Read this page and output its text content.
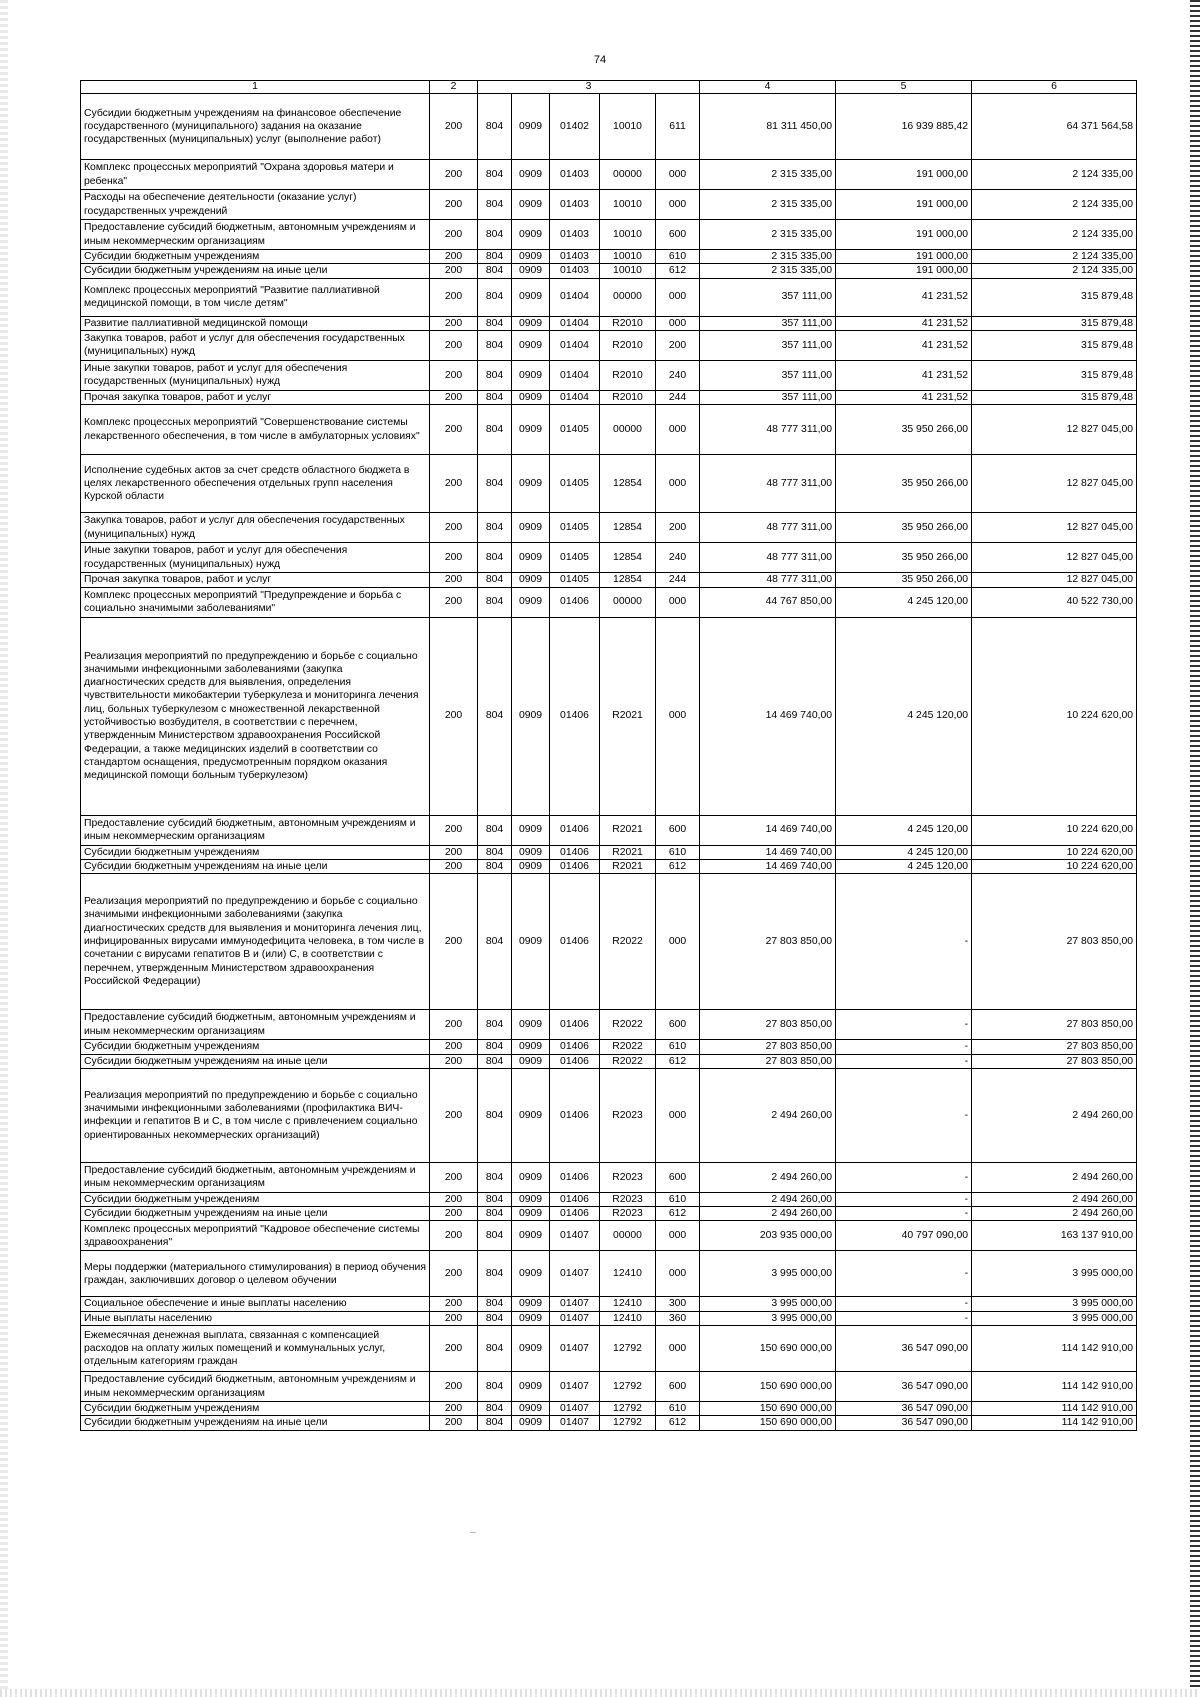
74
1	2	3					4	5	6
Субсидии бюджетным учреждениям на финансовое обеспечение государственного (муниципального) задания на оказание государственных (муниципальных) услуг (выполнение работ)	200	804	0909	01402	10010	611	81 311 450,00	16 939 885,42	64 371 564,58
Комплекс процессных мероприятий "Охрана здоровья матери и ребенка"	200	804	0909	01403	00000	000	2 315 335,00	191 000,00	2 124 335,00
Расходы на обеспечение деятельности (оказание услуг) государственных учреждений	200	804	0909	01403	10010	000	2 315 335,00	191 000,00	2 124 335,00
Предоставление субсидий бюджетным, автономным учреждениям и иным некоммерческим организациям	200	804	0909	01403	10010	600	2 315 335,00	191 000,00	2 124 335,00
Субсидии бюджетным учреждениям	200	804	0909	01403	10010	610	2 315 335,00	191 000,00	2 124 335,00
Субсидии бюджетным учреждениям на иные цели	200	804	0909	01403	10010	612	2 315 335,00	191 000,00	2 124 335,00
Комплекс процессных мероприятий "Развитие паллиативной медицинской помощи, в том числе детям"	200	804	0909	01404	00000	000	357 111,00	41 231,52	315 879,48
Развитие паллиативной медицинской помощи	200	804	0909	01404	R2010	000	357 111,00	41 231,52	315 879,48
Закупка товаров, работ и услуг для обеспечения государственных (муниципальных) нужд	200	804	0909	01404	R2010	200	357 111,00	41 231,52	315 879,48
Иные закупки товаров, работ и услуг для обеспечения государственных (муниципальных) нужд	200	804	0909	01404	R2010	240	357 111,00	41 231,52	315 879,48
Прочая закупка товаров, работ и услуг	200	804	0909	01404	R2010	244	357 111,00	41 231,52	315 879,48
Комплекс процессных мероприятий "Совершенствование системы лекарственного обеспечения, в том числе в амбулаторных условиях"	200	804	0909	01405	00000	000	48 777 311,00	35 950 266,00	12 827 045,00
Исполнение судебных актов за счет средств областного бюджета в целях лекарственного обеспечения отдельных групп населения Курской области	200	804	0909	01405	12854	000	48 777 311,00	35 950 266,00	12 827 045,00
Закупка товаров, работ и услуг для обеспечения государственных (муниципальных) нужд	200	804	0909	01405	12854	200	48 777 311,00	35 950 266,00	12 827 045,00
Иные закупки товаров, работ и услуг для обеспечения государственных (муниципальных) нужд	200	804	0909	01405	12854	240	48 777 311,00	35 950 266,00	12 827 045,00
Прочая закупка товаров, работ и услуг	200	804	0909	01405	12854	244	48 777 311,00	35 950 266,00	12 827 045,00
Комплекс процессных мероприятий "Предупреждение и борьба с социально значимыми заболеваниями"	200	804	0909	01406	00000	000	44 767 850,00	4 245 120,00	40 522 730,00
Реализация мероприятий по предупреждению и борьбе с социально значимыми инфекционными заболеваниями (закупка диагностических средств для выявления, определения чувствительности микобактерии туберкулеза и мониторинга лечения лиц, больных туберкулезом с множественной лекарственной устойчивостью возбудителя, в соответствии с перечнем, утвержденным Министерством здравоохранения Российской Федерации, а также медицинских изделий в соответствии со стандартом оснащения, предусмотренным порядком оказания медицинской помощи больным туберкулезом)	200	804	0909	01406	R2021	000	14 469 740,00	4 245 120,00	10 224 620,00
Предоставление субсидий бюджетным, автономным учреждениям и иным некоммерческим организациям	200	804	0909	01406	R2021	600	14 469 740,00	4 245 120,00	10 224 620,00
Субсидии бюджетным учреждениям	200	804	0909	01406	R2021	610	14 469 740,00	4 245 120,00	10 224 620,00
Субсидии бюджетным учреждениям на иные цели	200	804	0909	01406	R2021	612	14 469 740,00	4 245 120,00	10 224 620,00
Реализация мероприятий по предупреждению и борьбе с социально значимыми инфекционными заболеваниями (закупка диагностических средств для выявления и мониторинга лечения лиц, инфицированных вирусами иммунодефицита человека, в том числе в сочетании с вирусами гепатитов В и (или) С, в соответствии с перечнем, утвержденным Министерством здравоохранения Российской Федерации)	200	804	0909	01406	R2022	000	27 803 850,00	-	27 803 850,00
Предоставление субсидий бюджетным, автономным учреждениям и иным некоммерческим организациям	200	804	0909	01406	R2022	600	27 803 850,00	-	27 803 850,00
Субсидии бюджетным учреждениям	200	804	0909	01406	R2022	610	27 803 850,00	-	27 803 850,00
Субсидии бюджетным учреждениям на иные цели	200	804	0909	01406	R2022	612	27 803 850,00	-	27 803 850,00
Реализация мероприятий по предупреждению и борьбе с социально значимыми инфекционными заболеваниями (профилактика ВИЧ-инфекции и гепатитов В и С, в том числе с привлечением социально ориентированных некоммерческих организаций)	200	804	0909	01406	R2023	000	2 494 260,00	-	2 494 260,00
Предоставление субсидий бюджетным, автономным учреждениям и иным некоммерческим организациям	200	804	0909	01406	R2023	600	2 494 260,00	-	2 494 260,00
Субсидии бюджетным учреждениям	200	804	0909	01406	R2023	610	2 494 260,00	-	2 494 260,00
Субсидии бюджетным учреждениям на иные цели	200	804	0909	01406	R2023	612	2 494 260,00	-	2 494 260,00
Комплекс процессных мероприятий "Кадровое обеспечение системы здравоохранения"	200	804	0909	01407	00000	000	203 935 000,00	40 797 090,00	163 137 910,00
Меры поддержки (материального стимулирования) в период обучения граждан, заключивших договор о целевом обучении	200	804	0909	01407	12410	000	3 995 000,00	-	3 995 000,00
Социальное обеспечение и иные выплаты населению	200	804	0909	01407	12410	300	3 995 000,00	-	3 995 000,00
Иные выплаты населению	200	804	0909	01407	12410	360	3 995 000,00	-	3 995 000,00
Ежемесячная денежная выплата, связанная с компенсацией расходов на оплату жилых помещений и коммунальных услуг, отдельным категориям граждан	200	804	0909	01407	12792	000	150 690 000,00	36 547 090,00	114 142 910,00
Предоставление субсидий бюджетным, автономным учреждениям и иным некоммерческим организациям	200	804	0909	01407	12792	600	150 690 000,00	36 547 090,00	114 142 910,00
Субсидии бюджетным учреждениям	200	804	0909	01407	12792	610	150 690 000,00	36 547 090,00	114 142 910,00
Субсидии бюджетным учреждениям на иные цели	200	804	0909	01407	12792	612	150 690 000,00	36 547 090,00	114 142 910,00
